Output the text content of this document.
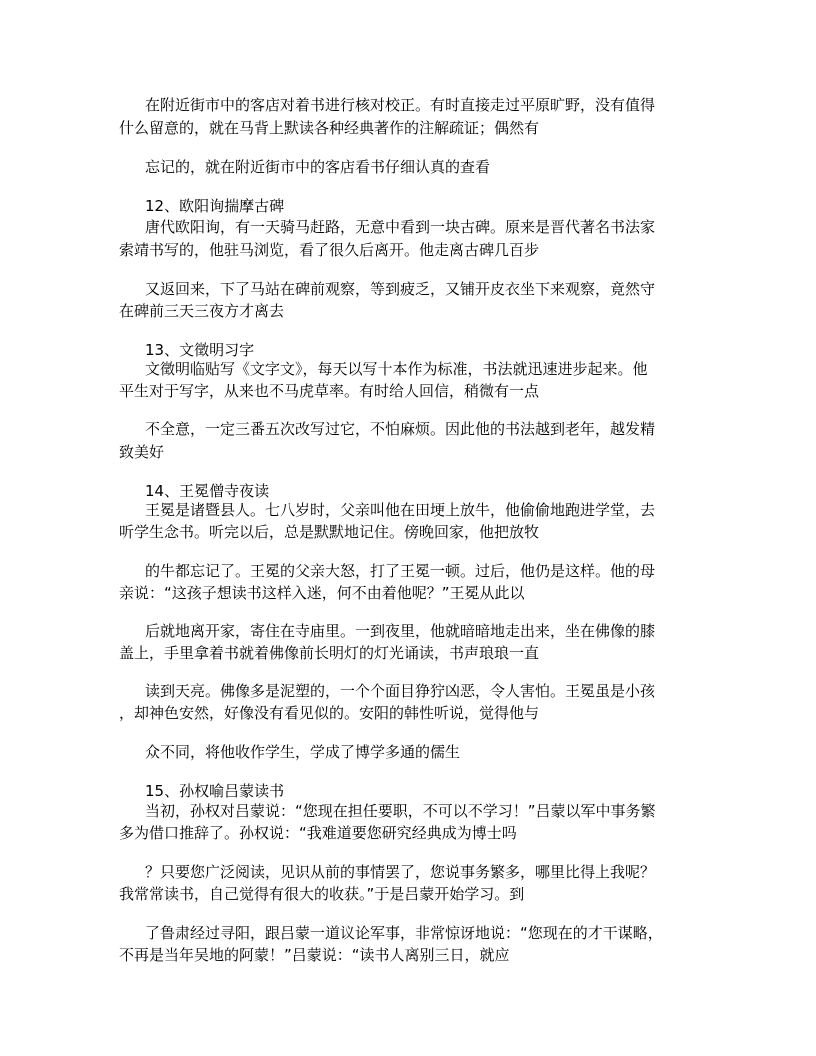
在附近街市中的客店对着书进行核对校正。有时直接走过平原旷野，没有值得
什么留意的，就在马背上默读各种经典著作的注解疏证；偶然有
忘记的，就在附近街市中的客店看书仔细认真的查看
12、欧阳询揣摩古碑
唐代欧阳询，有一天骑马赶路，无意中看到一块古碑。原来是晋代著名书法家
索靖书写的，他驻马浏览，看了很久后离开。他走离古碑几百步
又返回来，下了马站在碑前观察，等到疲乏，又铺开皮衣坐下来观察，竟然守
在碑前三天三夜方才离去
13、文徵明习字
文徵明临贴写《文字文》，每天以写十本作为标准，书法就迅速进步起来。他
平生对于写字，从来也不马虎草率。有时给人回信，稍微有一点
不全意，一定三番五次改写过它，不怕麻烦。因此他的书法越到老年，越发精
致美好
14、王冕僧寺夜读
王冕是诸暨县人。七八岁时，父亲叫他在田埂上放牛，他偷偷地跑进学堂，去
听学生念书。听完以后，总是默默地记住。傍晚回家，他把放牧
的牛都忘记了。王冕的父亲大怒，打了王冕一顿。过后，他仍是这样。他的母
亲说：“这孩子想读书这样入迷，何不由着他呢？”王冕从此以
后就地离开家，寄住在寺庙里。一到夜里，他就暗暗地走出来，坐在佛像的膝
盖上，手里拿着书就着佛像前长明灯的灯光诵读，书声琅琅一直
读到天亮。佛像多是泥塑的，一个个面目狰狞凶恶，令人害怕。王冕虽是小孩
，却神色安然，好像没有看见似的。安阳的韩性听说，觉得他与
众不同，将他收作学生，学成了博学多通的儒生
15、孙权喻吕蒙读书
当初，孙权对吕蒙说：“您现在担任要职，不可以不学习！”吕蒙以军中事务繁
多为借口推辞了。孙权说：“我难道要您研究经典成为博士吗
？只要您广泛阅读，见识从前的事情罢了，您说事务繁多，哪里比得上我呢？
我常常读书，自己觉得有很大的收获。”于是吕蒙开始学习。到
了鲁肃经过寻阳，跟吕蒙一道议论军事，非常惊讶地说：“您现在的才干谋略，
不再是当年吴地的阿蒙！”吕蒙说：“读书人离别三日，就应
